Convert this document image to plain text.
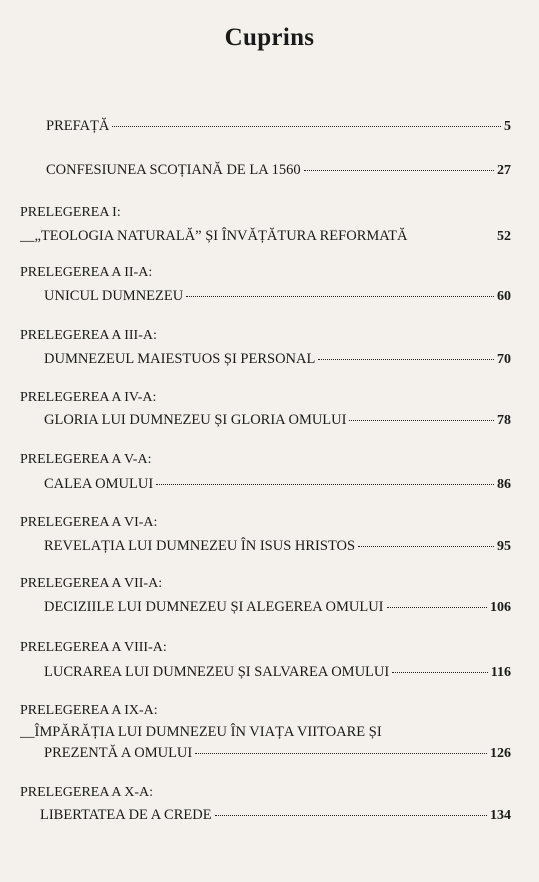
Cuprins
PREFAȚĂ	5
CONFESIUNEA SCOȚIANĂ DE LA 1560	27
PRELEGEREA I:
__„TEOLOGIA NATURALĂ” ȘI ÎNVĂȚĂTURA REFORMATĂ	52
PRELEGEREA A II-A:
UNICUL DUMNEZEU	60
PRELEGEREA A III-A:
DUMNEZEUL MAIESTUOS ȘI PERSONAL	70
PRELEGEREA A IV-A:
GLORIA LUI DUMNEZEU ȘI GLORIA OMULUI	78
PRELEGEREA A V-A:
CALEA OMULUI	86
PRELEGEREA A VI-A:
REVELAȚIA LUI DUMNEZEU ÎN ISUS HRISTOS	95
PRELEGEREA A VII-A:
DECIZIILE LUI DUMNEZEU ȘI ALEGEREA OMULUI	106
PRELEGEREA A VIII-A:
LUCRAREA LUI DUMNEZEU ȘI SALVAREA OMULUI	116
PRELEGEREA A IX-A:
__ÎMPĂRĂȚIA LUI DUMNEZEU ÎN VIAȚA VIITOARE ȘI
PREZENTĂ A OMULUI	126
PRELEGEREA A X-A:
LIBERTATEA DE A CREDE	134
